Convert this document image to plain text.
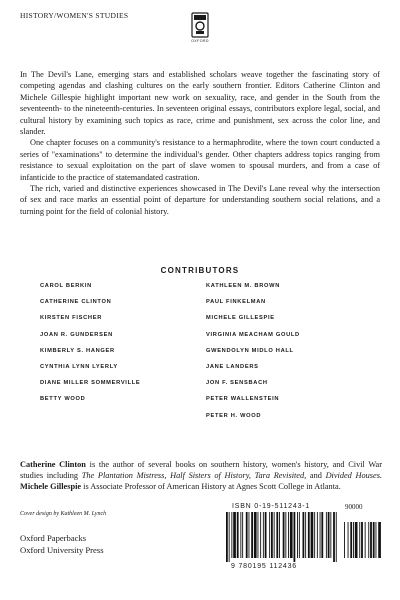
HISTORY/WOMEN'S STUDIES
OXFORD

In The Devil's Lane, emerging stars and established scholars weave together the fascinating story of competing agendas and clashing cultures on the early southern frontier. Editors Catherine Clinton and Michele Gillespie highlight important new work on sexuality, race, and gender in the South from the seventeenth- to the nineteenth-centuries. In seventeen original essays, contributors explore legal, social, and cultural history by examining such topics as race, crime and punishment, sex across the color line, and slander.

One chapter focuses on a community's resistance to a hermaphrodite, where the town court conducted a series of "examinations" to determine the individual's gender. Other chapters address topics ranging from resistance to sexual exploitation on the part of slave women to spousal murders, and from a case of infanticide to the practice of statemandated castration.

The rich, varied and distinctive experiences showcased in The Devil's Lane reveal why the intersection of sex and race marks an essential point of departure for understanding southern social relations, and a turning point for the field of colonial history.

CONTRIBUTORS
CAROL BERKIN
CATHERINE CLINTON
KIRSTEN FISCHER
JOAN R. GUNDERSEN
KIMBERLY S. HANGER
CYNTHIA LYNN LYERLY
DIANE MILLER SOMMERVILLE
BETTY WOOD
KATHLEEN M. BROWN
PAUL FINKELMAN
MICHELE GILLESPIE
VIRGINIA MEACHAM GOULD
GWENDOLYN MIDLO HALL
JANE LANDERS
JON F. SENSBACH
PETER WALLENSTEIN
PETER H. WOOD
Catherine Clinton is the author of several books on southern history, women's history, and Civil War studies including The Plantation Mistress, Half Sisters of History, Tara Revisited, and Divided Houses. Michele Gillespie is Associate Professor of American History at Agnes Scott College in Atlanta.
Cover design by Kathleen M. Lynch
Oxford Paperbacks
Oxford University Press
ISBN 0-19-511243-1	90000
9 780195 112436
